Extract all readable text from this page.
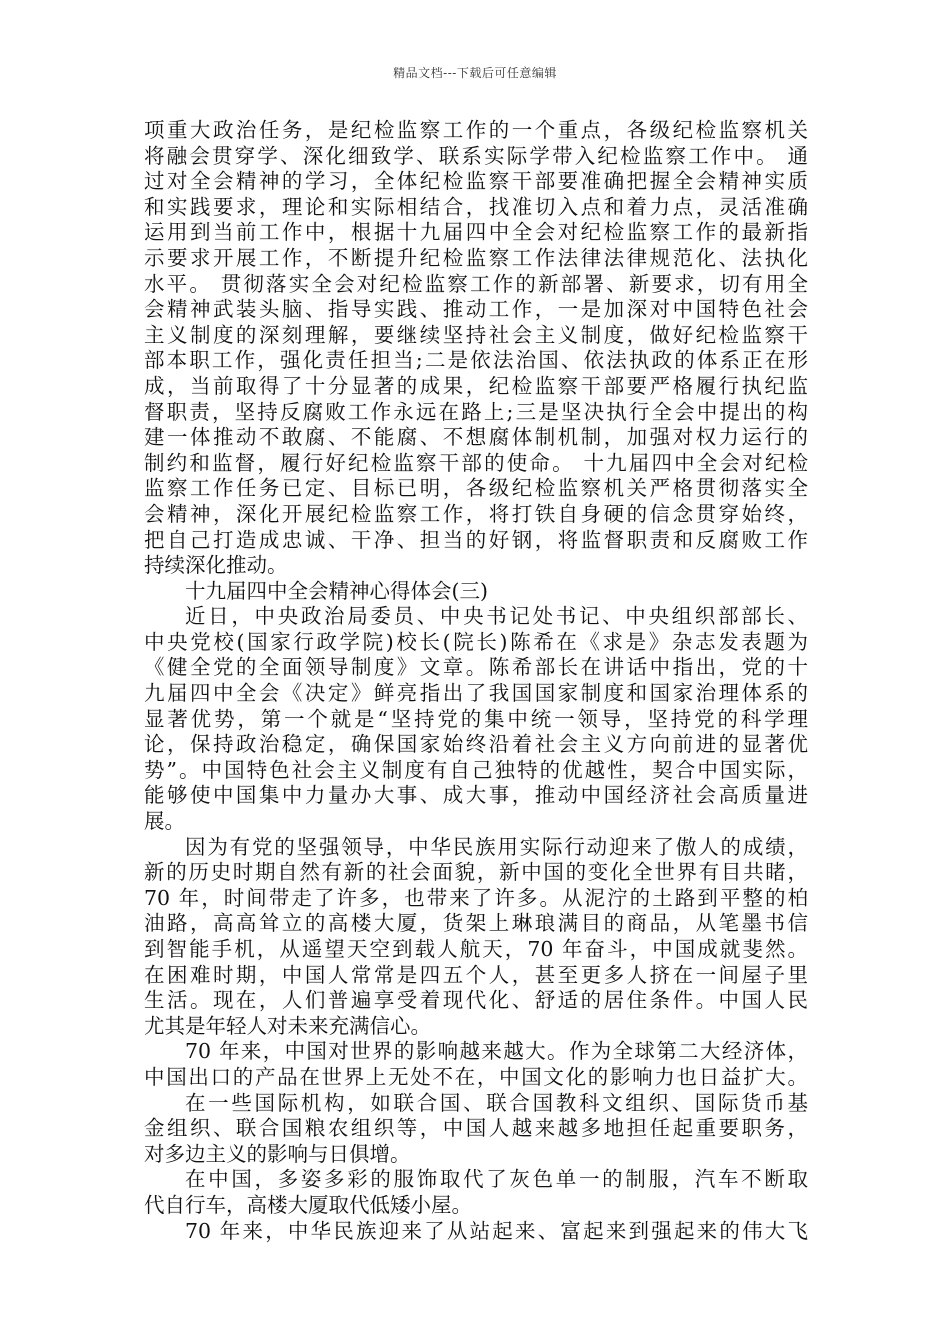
精品文档---下载后可任意编辑
项重大政治任务，是纪检监察工作的一个重点，各级纪检监察机关
将融会贯穿学、深化细致学、联系实际学带入纪检监察工作中。 通
过对全会精神的学习，全体纪检监察干部要准确把握全会精神实质
和实践要求，理论和实际相结合，找准切入点和着力点，灵活准确
运用到当前工作中，根据十九届四中全会对纪检监察工作的最新指
示要求开展工作，不断提升纪检监察工作法律法律规范化、法执化
水平。 贯彻落实全会对纪检监察工作的新部署、新要求，切有用全
会精神武装头脑、指导实践、推动工作，一是加深对中国特色社会
主义制度的深刻理解，要继续坚持社会主义制度，做好纪检监察干
部本职工作，强化责任担当;二是依法治国、依法执政的体系正在形
成，当前取得了十分显著的成果，纪检监察干部要严格履行执纪监
督职责，坚持反腐败工作永远在路上;三是坚决执行全会中提出的构
建一体推动不敢腐、不能腐、不想腐体制机制，加强对权力运行的
制约和监督，履行好纪检监察干部的使命。 十九届四中全会对纪检
监察工作任务已定、目标已明，各级纪检监察机关严格贯彻落实全
会精神，深化开展纪检监察工作，将打铁自身硬的信念贯穿始终，
把自己打造成忠诚、干净、担当的好钢，将监督职责和反腐败工作
持续深化推动。
十九届四中全会精神心得体会(三)
近日，中央政治局委员、中央书记处书记、中央组织部部长、
中央党校(国家行政学院)校长(院长)陈希在《求是》杂志发表题为
《健全党的全面领导制度》文章。陈希部长在讲话中指出，党的十
九届四中全会《决定》鲜亮指出了我国国家制度和国家治理体系的
显著优势，第一个就是“坚持党的集中统一领导，坚持党的科学理
论，保持政治稳定，确保国家始终沿着社会主义方向前进的显著优
势”。中国特色社会主义制度有自己独特的优越性，契合中国实际，
能够使中国集中力量办大事、成大事，推动中国经济社会高质量进
展。
因为有党的坚强领导，中华民族用实际行动迎来了傲人的成绩，
新的历史时期自然有新的社会面貌，新中国的变化全世界有目共睹，
70 年，时间带走了许多，也带来了许多。从泥泞的土路到平整的柏
油路，高高耸立的高楼大厦，货架上琳琅满目的商品，从笔墨书信
到智能手机，从遥望天空到载人航天，70 年奋斗，中国成就斐然。
在困难时期，中国人常常是四五个人，甚至更多人挤在一间屋子里
生活。现在，人们普遍享受着现代化、舒适的居住条件。中国人民
尤其是年轻人对未来充满信心。
70 年来，中国对世界的影响越来越大。作为全球第二大经济体，
中国出口的产品在世界上无处不在，中国文化的影响力也日益扩大。
在一些国际机构，如联合国、联合国教科文组织、国际货币基
金组织、联合国粮农组织等，中国人越来越多地担任起重要职务，
对多边主义的影响与日俱增。
在中国，多姿多彩的服饰取代了灰色单一的制服，汽车不断取
代自行车，高楼大厦取代低矮小屋。
70 年来，中华民族迎来了从站起来、富起来到强起来的伟大飞
